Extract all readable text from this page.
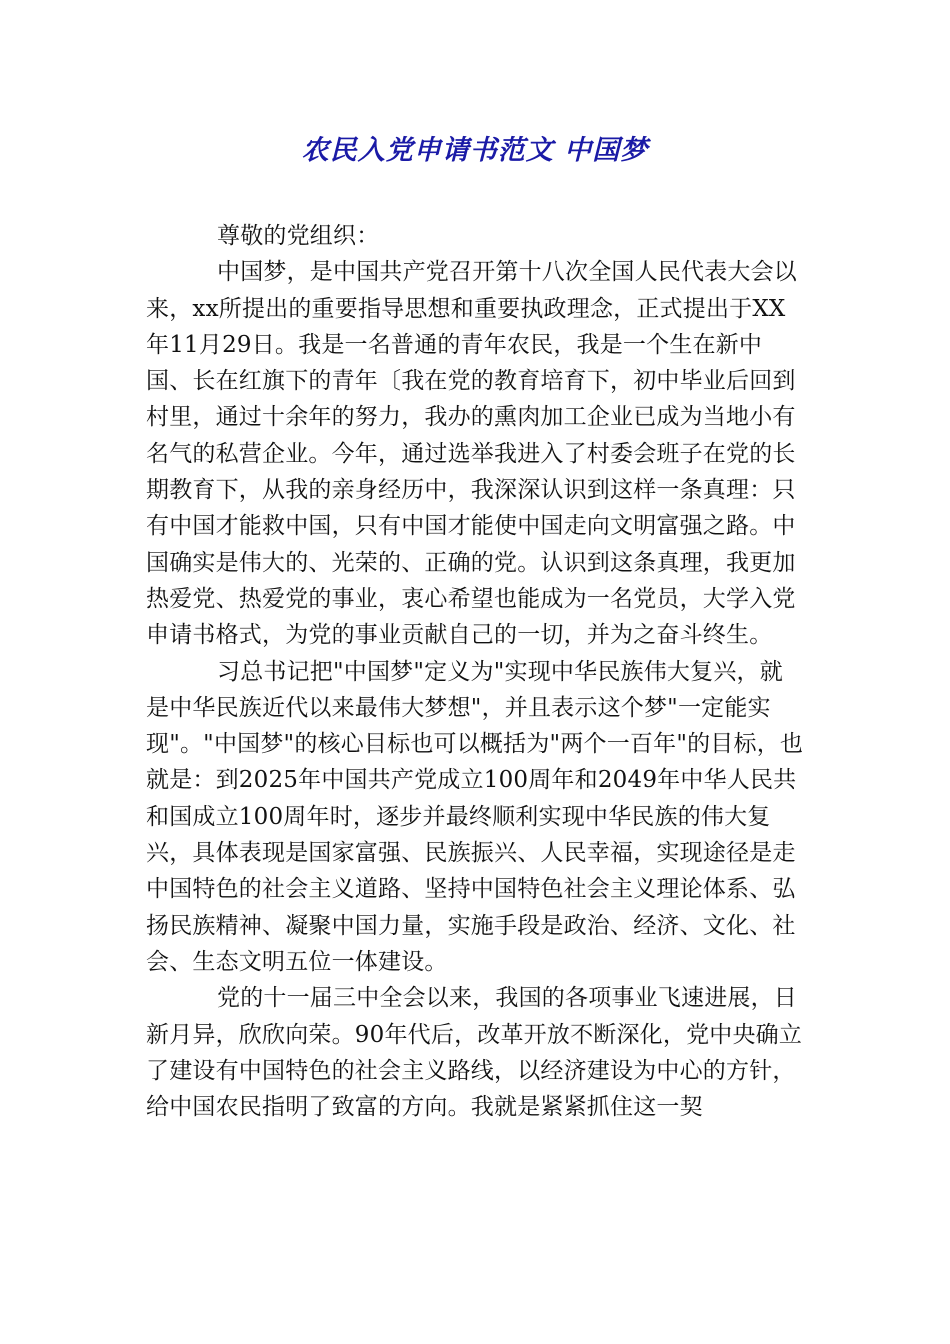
农民入党申请书范文 中国梦

尊敬的党组织：

中国梦，是中国共产党召开第十八次全国人民代表大会以来，xx所提出的重要指导思想和重要执政理念，正式提出于XX年11月29日。我是一名普通的青年农民，我是一个生在新中国、长在红旗下的青年〔我在党的教育培育下，初中毕业后回到村里，通过十余年的努力，我办的熏肉加工企业已成为当地小有名气的私营企业。今年，通过选举我进入了村委会班子在党的长期教育下，从我的亲身经历中，我深深认识到这样一条真理：只有中国才能救中国，只有中国才能使中国走向文明富强之路。中国确实是伟大的、光荣的、正确的党。认识到这条真理，我更加热爱党、热爱党的事业，衷心希望也能成为一名党员，大学入党申请书格式，为党的事业贡献自己的一切，并为之奋斗终生。

习总书记把"中国梦"定义为"实现中华民族伟大复兴，就是中华民族近代以来最伟大梦想"，并且表示这个梦"一定能实现"。"中国梦"的核心目标也可以概括为"两个一百年"的目标，也就是：到2025年中国共产党成立100周年和2049年中华人民共和国成立100周年时，逐步并最终顺利实现中华民族的伟大复兴，具体表现是国家富强、民族振兴、人民幸福，实现途径是走中国特色的社会主义道路、坚持中国特色社会主义理论体系、弘扬民族精神、凝聚中国力量，实施手段是政治、经济、文化、社会、生态文明五位一体建设。

党的十一届三中全会以来，我国的各项事业飞速进展，日新月异，欣欣向荣。90年代后，改革开放不断深化，党中央确立了建设有中国特色的社会主义路线，以经济建设为中心的方针，给中国农民指明了致富的方向。我就是紧紧抓住这一契
